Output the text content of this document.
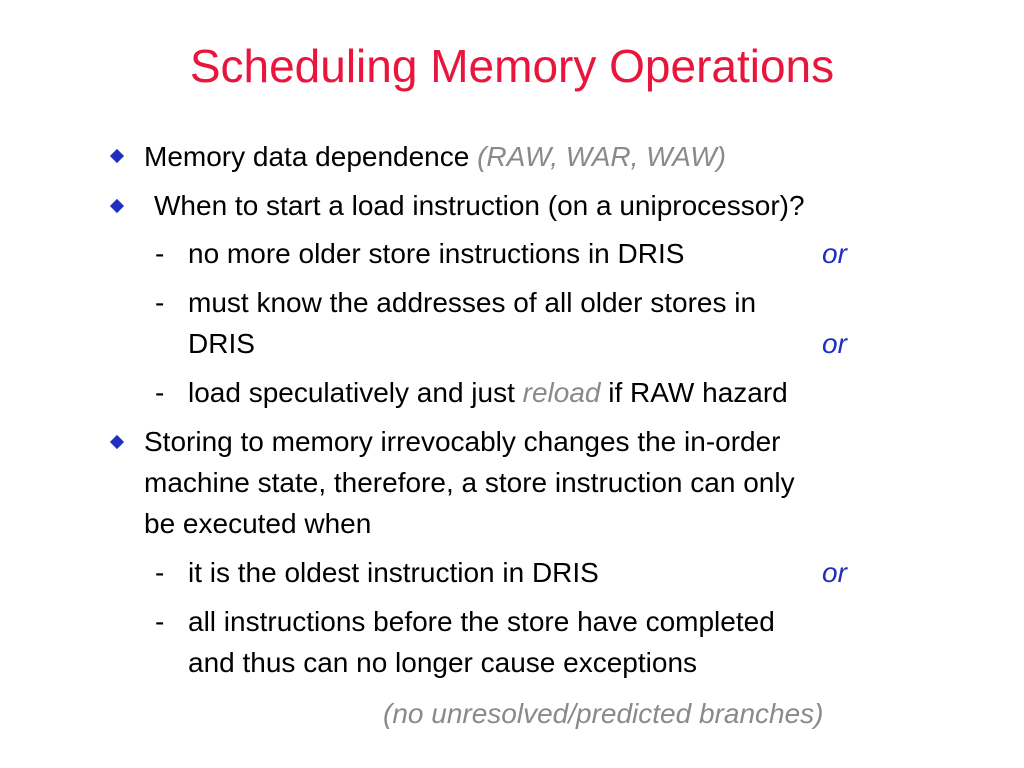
Scheduling Memory Operations
Memory data dependence (RAW, WAR, WAW)
When to start a load instruction (on a uniprocessor)?
- no more older store instructions in DRIS	or
- must know the addresses of all older stores in
DRIS	or
- load speculatively and just reload if RAW hazard
Storing to memory irrevocably changes the in-order
machine state, therefore, a store instruction can only
be executed when
- it is the oldest instruction in DRIS	or
- all instructions before the store have completed
and thus can no longer cause exceptions
(no unresolved/predicted branches)
